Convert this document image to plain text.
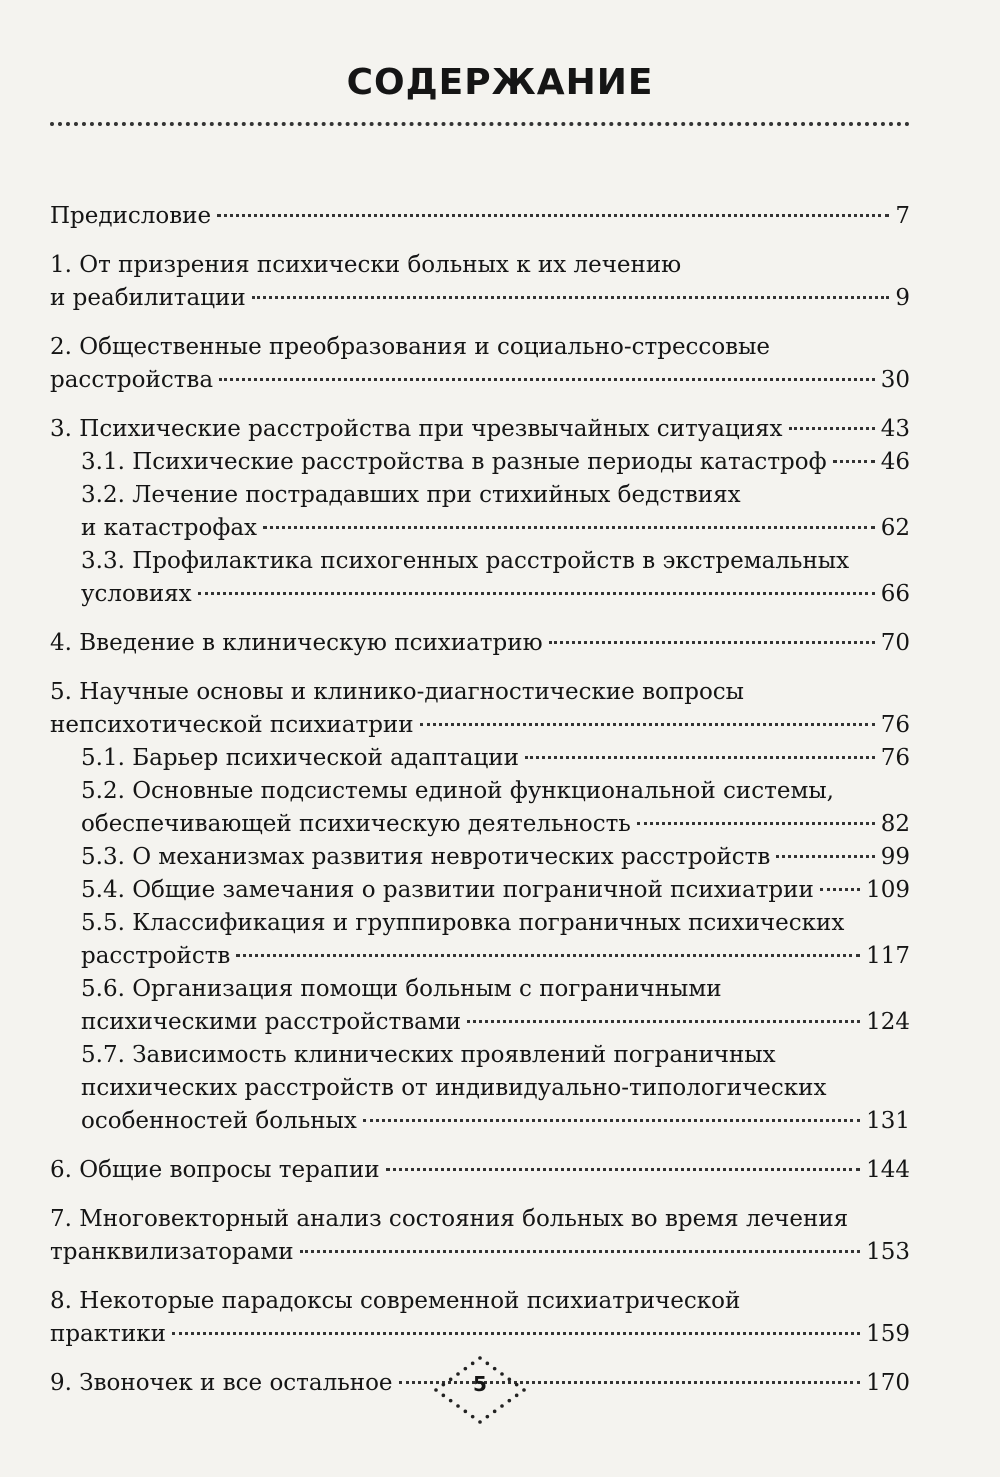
СОДЕРЖАНИЕ
Предисловие	7
1. От призрения психически больных к их лечению
и реабилитации	9
2. Общественные преобразования и социально-стрессовые
расстройства	30
3. Психические расстройства при чрезвычайных ситуациях	43
3.1. Психические расстройства в разные периоды катастроф 46
3.2. Лечение пострадавших при стихийных бедствиях
и катастрофах	62
3.3. Профилактика психогенных расстройств в экстремальных
условиях	66
4. Введение в клиническую психиатрию	70
5. Научные основы и клинико-диагностические вопросы
непсихотической психиатрии	76
5.1. Барьер психической адаптации	76
5.2. Основные подсистемы единой функциональной системы,
обеспечивающей психическую деятельность	82
5.3. О механизмах развития невротических расстройств	99
5.4. Общие замечания о развитии пограничной психиатрии 109
5.5. Классификация и группировка пограничных психических
расстройств	117
5.6. Организация помощи больным с пограничными
психическими расстройствами	124
5.7. Зависимость клинических проявлений пограничных
психических расстройств от индивидуально-типологических
особенностей больных	131
6. Общие вопросы терапии	144
7. Многовекторный анализ состояния больных во время лечения
транквилизаторами	153
8. Некоторые парадоксы современной психиатрической
практики	159
9. Звоночек и все остальное	170
5
